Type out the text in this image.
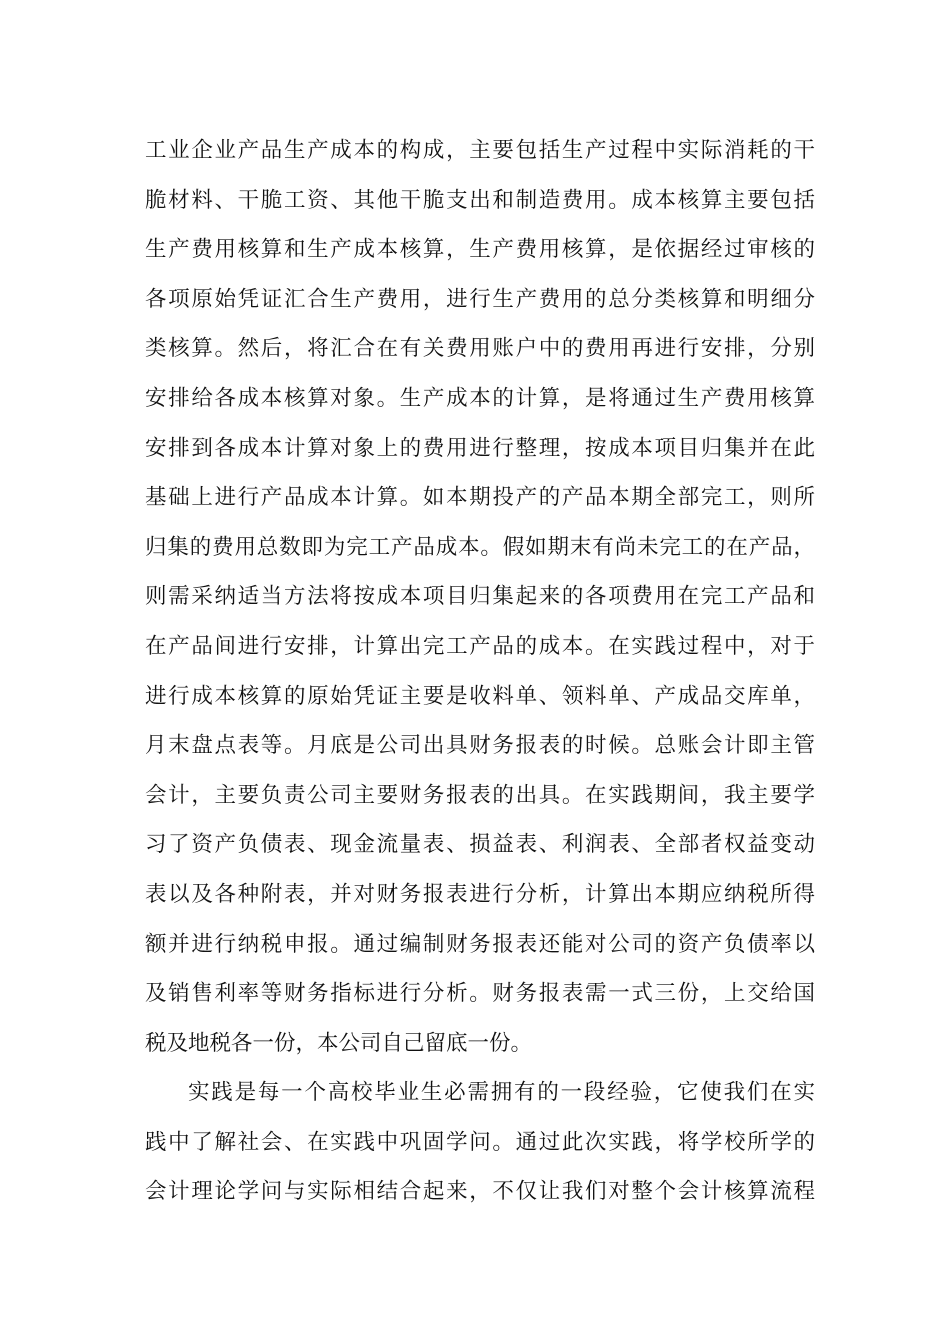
工业企业产品生产成本的构成，主要包括生产过程中实际消耗的干
脆材料、干脆工资、其他干脆支出和制造费用。成本核算主要包括
生产费用核算和生产成本核算，生产费用核算，是依据经过审核的
各项原始凭证汇合生产费用，进行生产费用的总分类核算和明细分
类核算。然后，将汇合在有关费用账户中的费用再进行安排，分别
安排给各成本核算对象。生产成本的计算，是将通过生产费用核算
安排到各成本计算对象上的费用进行整理，按成本项目归集并在此
基础上进行产品成本计算。如本期投产的产品本期全部完工，则所
归集的费用总数即为完工产品成本。假如期末有尚未完工的在产品，
则需采纳适当方法将按成本项目归集起来的各项费用在完工产品和
在产品间进行安排，计算出完工产品的成本。在实践过程中，对于
进行成本核算的原始凭证主要是收料单、领料单、产成品交库单，
月末盘点表等。月底是公司出具财务报表的时候。总账会计即主管
会计，主要负责公司主要财务报表的出具。在实践期间，我主要学
习了资产负债表、现金流量表、损益表、利润表、全部者权益变动
表以及各种附表，并对财务报表进行分析，计算出本期应纳税所得
额并进行纳税申报。通过编制财务报表还能对公司的资产负债率以
及销售利率等财务指标进行分析。财务报表需一式三份，上交给国
税及地税各一份，本公司自己留底一份。
实践是每一个高校毕业生必需拥有的一段经验，它使我们在实
践中了解社会、在实践中巩固学问。通过此次实践，将学校所学的
会计理论学问与实际相结合起来，不仅让我们对整个会计核算流程
